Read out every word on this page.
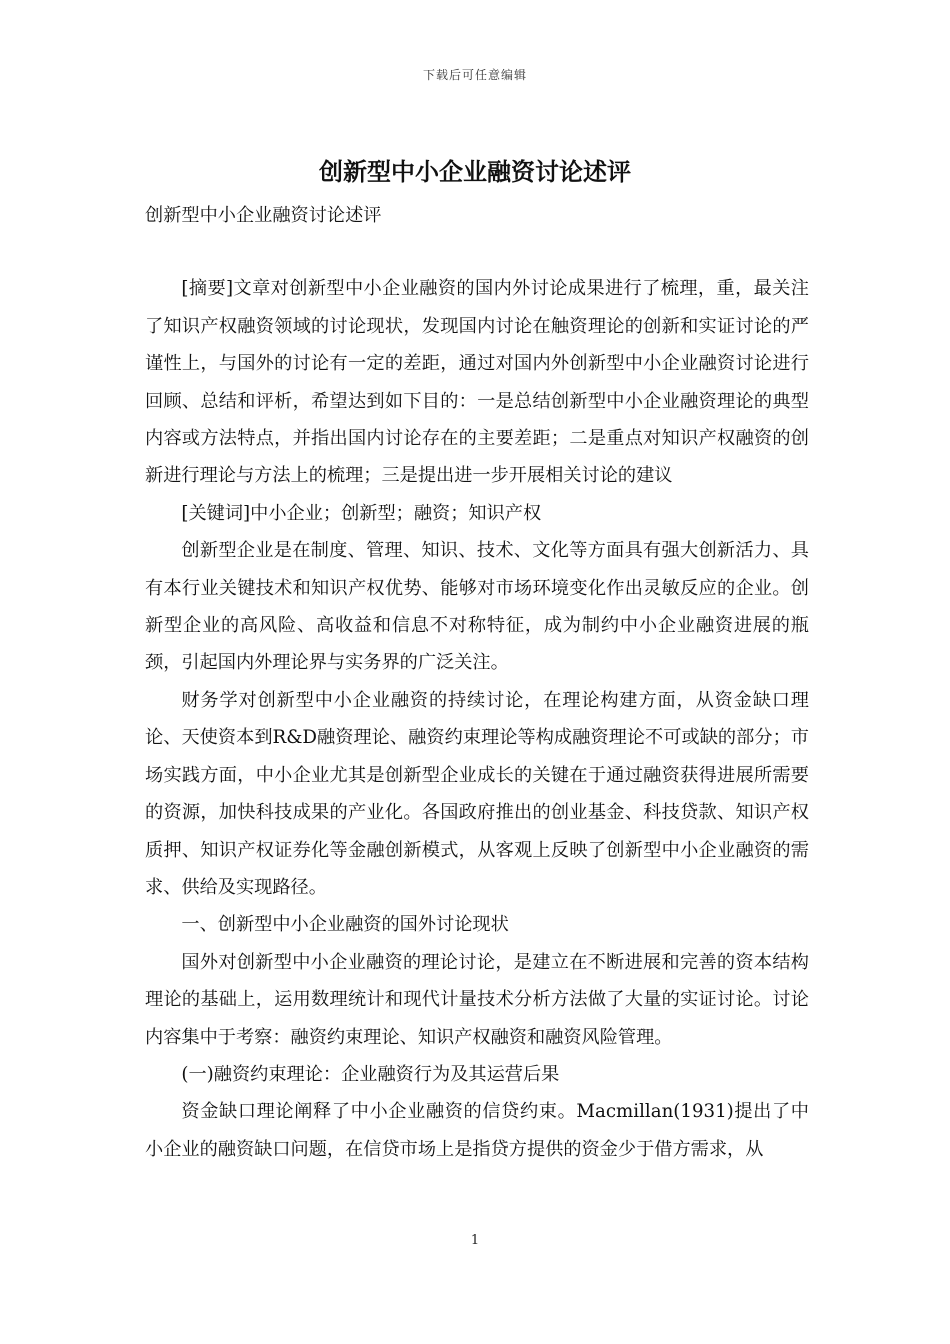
下载后可任意编辑
创新型中小企业融资讨论述评

创新型中小企业融资讨论述评

[摘要]文章对创新型中小企业融资的国内外讨论成果进行了梳理，重，最关注了知识产权融资领域的讨论现状，发现国内讨论在触资理论的创新和实证讨论的严谨性上，与国外的讨论有一定的差距，通过对国内外创新型中小企业融资讨论进行回顾、总结和评析，希望达到如下目的：一是总结创新型中小企业融资理论的典型内容或方法特点，并指出国内讨论存在的主要差距；二是重点对知识产权融资的创新进行理论与方法上的梳理；三是提出进一步开展相关讨论的建议

[关键词]中小企业；创新型；融资；知识产权

创新型企业是在制度、管理、知识、技术、文化等方面具有强大创新活力、具有本行业关键技术和知识产权优势、能够对市场环境变化作出灵敏反应的企业。创新型企业的高风险、高收益和信息不对称特征，成为制约中小企业融资进展的瓶颈，引起国内外理论界与实务界的广泛关注。

财务学对创新型中小企业融资的持续讨论，在理论构建方面，从资金缺口理论、天使资本到R&D融资理论、融资约束理论等构成融资理论不可或缺的部分；市场实践方面，中小企业尤其是创新型企业成长的关键在于通过融资获得进展所需要的资源，加快科技成果的产业化。各国政府推出的创业基金、科技贷款、知识产权质押、知识产权证券化等金融创新模式，从客观上反映了创新型中小企业融资的需求、供给及实现路径。

一、创新型中小企业融资的国外讨论现状

国外对创新型中小企业融资的理论讨论，是建立在不断进展和完善的资本结构理论的基础上，运用数理统计和现代计量技术分析方法做了大量的实证讨论。讨论内容集中于考察：融资约束理论、知识产权融资和融资风险管理。

(一)融资约束理论：企业融资行为及其运营后果

资金缺口理论阐释了中小企业融资的信贷约束。Macmillan(1931)提出了中小企业的融资缺口问题，在信贷市场上是指贷方提供的资金少于借方需求，从

1
